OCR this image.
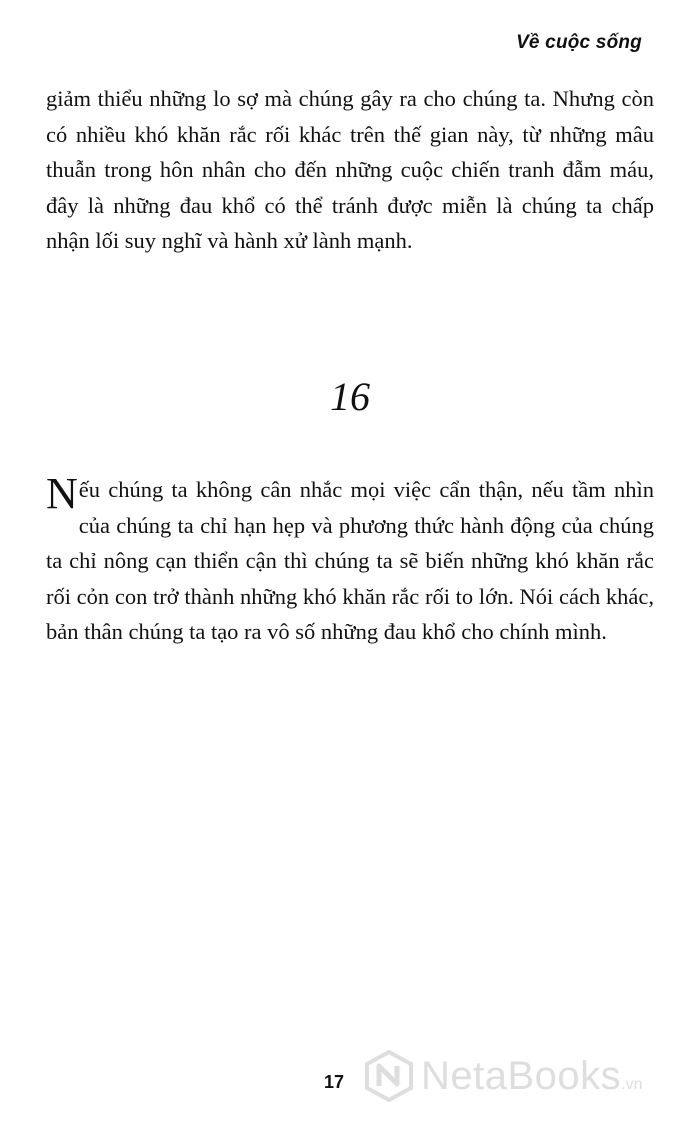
Về cuộc sống

giảm thiểu những lo sợ mà chúng gây ra cho chúng ta. Nhưng còn có nhiều khó khăn rắc rối khác trên thế gian này, từ những mâu thuẫn trong hôn nhân cho đến những cuộc chiến tranh đẫm máu, đây là những đau khổ có thể tránh được miễn là chúng ta chấp nhận lối suy nghĩ và hành xử lành mạnh.

16

Nếu chúng ta không cân nhắc mọi việc cẩn thận, nếu tầm nhìn của chúng ta chỉ hạn hẹp và phương thức hành động của chúng ta chỉ nông cạn thiển cận thì chúng ta sẽ biến những khó khăn rắc rối cỏn con trở thành những khó khăn rắc rối to lớn. Nói cách khác, bản thân chúng ta tạo ra vô số những đau khổ cho chính mình.

17 NetaBooks .vn
